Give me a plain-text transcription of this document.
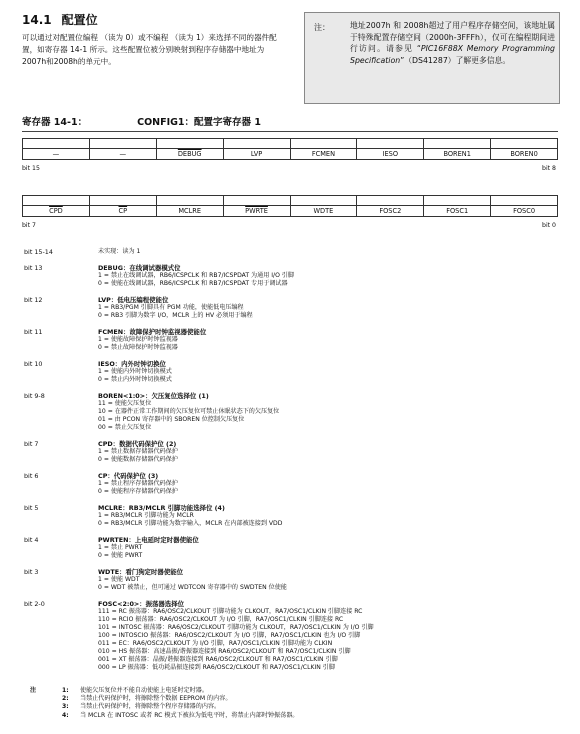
14.1 配置位
可以通过对配置位编程 （读为 0）或不编程 （读为 1）来选择不同的器件配置，如寄存器 14-1 所示。这些配置位被分别映射到程序存储器中地址为2007h和2008h的单元中。
注：	地址2007h 和 2008h超过了用户程序存储空间，该地址属于特殊配置存储空间（2000h-3FFFh），仅可在编程期间进行访问。请参见 “PIC16F88X Memory Programming Specification”（DS41287）了解更多信息。
寄存器 14-1：	CONFIG1：配置字寄存器 1

—	—	DEBUG	LVP	FCMEN	IESO	BOREN1	BOREN0
bit 15	bit 8

$\overline{CPD}$	$\overline{CP}$	MCLRE	PWRTE	WDTE	FOSC2	FOSC1	FOSC0
bit 7	bit 0
bit 15-14	未实现：读为 1
bit 13	DEBUG：在线调试器模式位
1 = 禁止在线调试器，RB6/ICSPCLK 和 RB7/ICSPDAT 为通用 I/O 引脚
0 = 使能在线调试器，RB6/ICSPCLK 和 RB7/ICSPDAT 专用于调试器
bit 12	LVP：低电压编程使能位
1 = RB3/PGM 引脚具有 PGM 功能，使能低电压编程
0 = RB3 引脚为数字 I/O，MCLR 上的 HV 必须用于编程
bit 11	FCMEN：故障保护时钟监视器使能位
1 = 使能故障保护时钟监视器
0 = 禁止故障保护时钟监视器
bit 10	IESO：内外时钟切换位
1 = 使能内外时钟切换模式
0 = 禁止内外时钟切换模式
bit 9-8	BOREN<1:0>：欠压复位选择位 (1)
11 = 使能欠压复位
10 = 在器件正常工作期间的欠压复位可禁止休眠状态下的欠压复位
01 = 由 PCON 寄存器中的 SBOREN 位控制欠压复位
00 = 禁止欠压复位
bit 7	CPD：数据代码保护位 (2)
1 = 禁止数据存储器代码保护
0 = 使能数据存储器代码保护
bit 6	CP：代码保护位 (3)
1 = 禁止程序存储器代码保护
0 = 使能程序存储器代码保护
bit 5	MCLRE：RB3/MCLR 引脚功能选择位 (4)
1 = RB3/MCLR 引脚功能为 MCLR
0 = RB3/MCLR 引脚功能为数字输入，MCLR 在内部被连接到 VDD
bit 4	PWRTEN：上电延时定时器使能位
1 = 禁止 PWRT
0 = 使能 PWRT
bit 3	WDTE：看门狗定时器使能位
1 = 使能 WDT
0 = WDT 被禁止，但可通过 WDTCON 寄存器中的 SWDTEN 位使能
bit 2-0	FOSC<2:0>：振荡器选择位
111 = RC 振荡器：RA6/OSC2/CLKOUT 引脚功能为 CLKOUT，RA7/OSC1/CLKIN 引脚连接 RC
110 = RCIO 振荡器：RA6/OSC2/CLKOUT 为 I/O 引脚，RA7/OSC1/CLKIN 引脚连接 RC
101 = INTOSC 振荡器：RA6/OSC2/CLKOUT 引脚功能为 CLKOUT，RA7/OSC1/CLKIN 为 I/O 引脚
100 = INTOSCIO 振荡器：RA6/OSC2/CLKOUT 为 I/O 引脚，RA7/OSC1/CLKIN 也为 I/O 引脚
011 = EC：RA6/OSC2/CLKOUT 为 I/O 引脚，RA7/OSC1/CLKIN 引脚功能为 CLKIN
010 = HS 振荡器：高速晶振/谐振器连接到 RA6/OSC2/CLKOUT 和 RA7/OSC1/CLKIN 引脚
001 = XT 振荡器：晶振/谐振器连接到 RA6/OSC2/CLKOUT 和 RA7/OSC1/CLKIN 引脚
000 = LP 振荡器：低功耗晶振连接到 RA6/OSC2/CLKOUT 和 RA7/OSC1/CLKIN 引脚
注	1: 使能欠压复位并不能自动使能上电延时定时器。
2: 当禁止代码保护时，将擦除整个数据 EEPROM 的内容。
3: 当禁止代码保护时，将擦除整个程序存储器的内容。
4: 当 MCLR 在 INTOSC 或者 RC 模式下被拉为低电平时，将禁止内部时钟振荡器。
